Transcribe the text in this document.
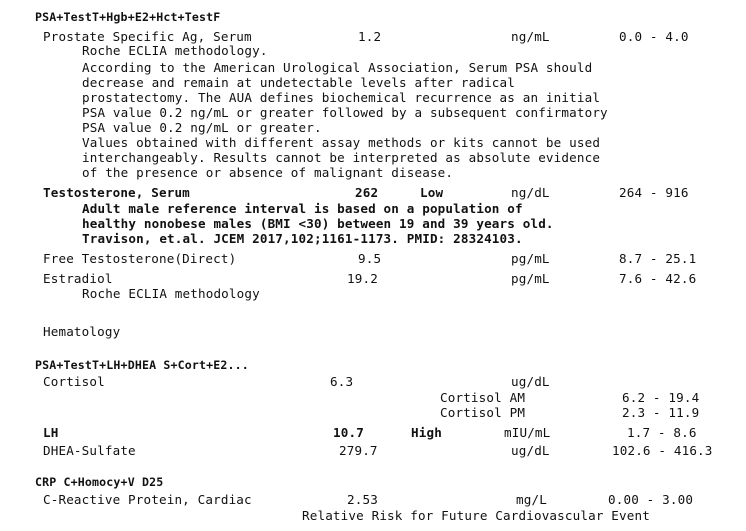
PSA+TestT+Hgb+E2+Hct+TestF
Prostate Specific Ag, Serum	1.2	ng/mL	0.0 - 4.0
Roche ECLIA methodology.
According to the American Urological Association, Serum PSA should
decrease and remain at undetectable levels after radical
prostatectomy. The AUA defines biochemical recurrence as an initial
PSA value 0.2 ng/mL or greater followed by a subsequent confirmatory
PSA value 0.2 ng/mL or greater.
Values obtained with different assay methods or kits cannot be used
interchangeably. Results cannot be interpreted as absolute evidence
of the presence or absence of malignant disease.
Testosterone, Serum	262	Low	ng/dL	264 - 916
Adult male reference interval is based on a population of
healthy nonobese males (BMI <30) between 19 and 39 years old.
Travison, et.al. JCEM 2017,102;1161-1173. PMID: 28324103.
Free Testosterone(Direct)	9.5	pg/mL	8.7 - 25.1
Estradiol	19.2	pg/mL	7.6 - 42.6
Roche ECLIA methodology
Hematology
PSA+TestT+LH+DHEA S+Cort+E2...
Cortisol	6.3	ug/dL
Cortisol AM	6.2 - 19.4
Cortisol PM	2.3 - 11.9
LH	10.7	High	mIU/mL	1.7 - 8.6
DHEA-Sulfate	279.7	ug/dL	102.6 - 416.3
CRP C+Homocy+V D25
C-Reactive Protein, Cardiac	2.53	mg/L	0.00 - 3.00
Relative Risk for Future Cardiovascular Event
